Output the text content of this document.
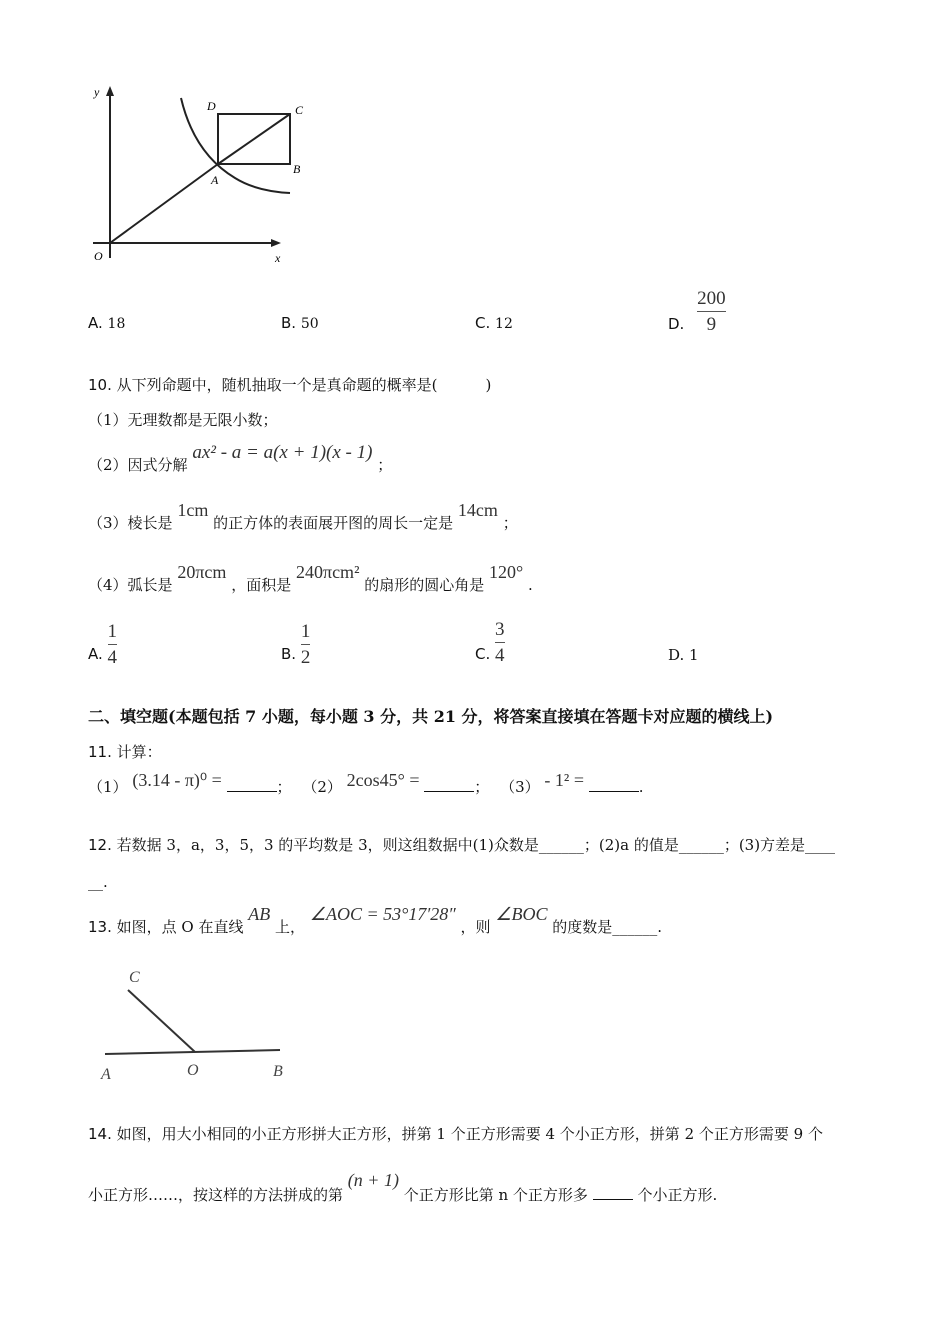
y
x
O
A
B
C
D
A. 18	B. 50	C. 12	D. $\frac{200}{9}$
10. 从下列命题中，随机抽取一个是真命题的概率是(	)
（1）无理数都是无限小数；
（2）因式分解 ax² - a = a(x + 1)(x - 1) ；
（3）棱长是 1cm 的正方体的表面展开图的周长一定是 14cm ；
（4）弧长是 20πcm ，面积是 240πcm² 的扇形的圆心角是 120° .
A. $\frac{1}{4}$	B. $\frac{1}{2}$	C. $\frac{3}{4}$	D. 1
二、填空题(本题包括 7 小题，每小题 3 分，共 21 分，将答案直接填在答题卡对应题的横线上)
11. 计算：
（1） (3.14 - π)⁰ =	； （2） 2cos45° =	； （3） - 1² =	.
12. 若数据 3，a，3，5，3 的平均数是 3，则这组数据中(1)众数是______；(2)a 的值是______；(3)方差是____
__.
13. 如图，点 O 在直线 AB 上， ∠AOC = 53°17′28″ ，则 ∠BOC 的度数是______.
C
A	O	B
14. 如图，用大小相同的小正方形拼大正方形，拼第 1 个正方形需要 4 个小正方形，拼第 2 个正方形需要 9 个
小正方形……，按这样的方法拼成的第 (n + 1) 个正方形比第 n 个正方形多	个小正方形.
